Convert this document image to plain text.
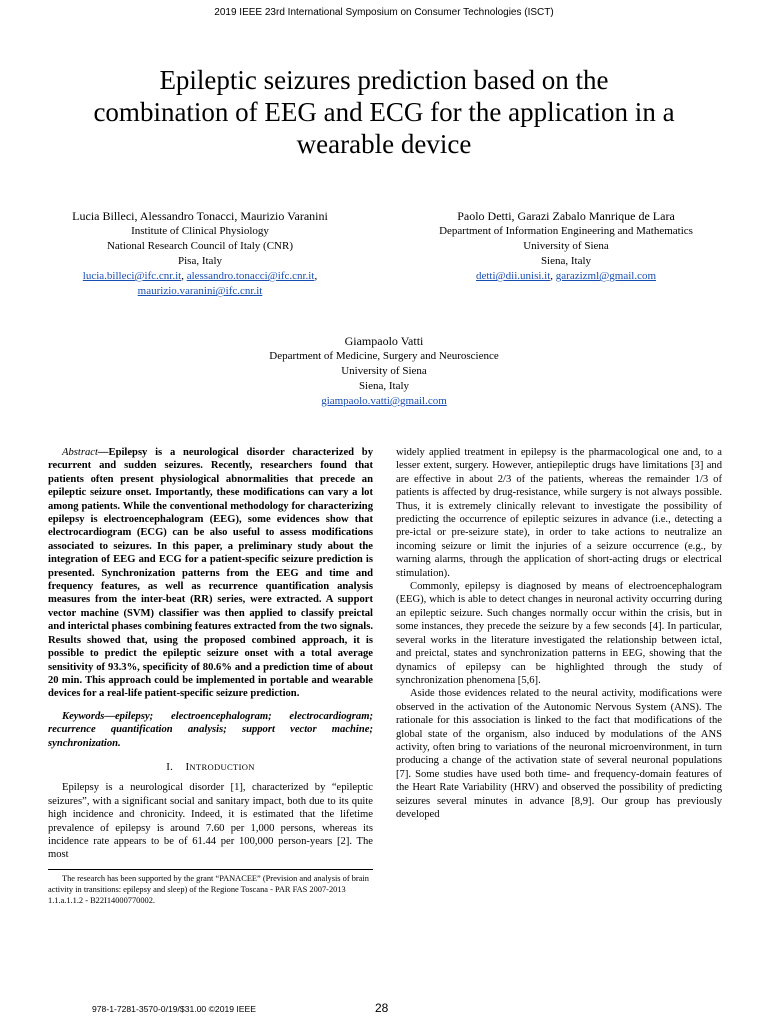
2019 IEEE 23rd International Symposium on Consumer Technologies (ISCT)
Epileptic seizures prediction based on the
combination of EEG and ECG for the application in a
wearable device
Lucia Billeci, Alessandro Tonacci, Maurizio Varanini
Institute of Clinical Physiology
National Research Council of Italy (CNR)
Pisa, Italy
lucia.billeci@ifc.cnr.it, alessandro.tonacci@ifc.cnr.it,
maurizio.varanini@ifc.cnr.it
Paolo Detti, Garazi Zabalo Manrique de Lara
Department of Information Engineering and Mathematics
University of Siena
Siena, Italy
detti@dii.unisi.it, garazizml@gmail.com
Giampaolo Vatti
Department of Medicine, Surgery and Neuroscience
University of Siena
Siena, Italy
giampaolo.vatti@gmail.com

Abstract—Epilepsy is a neurological disorder characterized by recurrent and sudden seizures. Recently, researchers found that patients often present physiological abnormalities that precede an epileptic seizure onset. Importantly, these modifications can vary a lot among patients. While the conventional methodology for characterizing epilepsy is electroencephalogram (EEG), some evidences show that electrocardiogram (ECG) can be also useful to assess modifications associated to seizures. In this paper, a preliminary study about the integration of EEG and ECG for a patient-specific seizure prediction is presented. Synchronization patterns from the EEG and time and frequency features, as well as recurrence quantification analysis measures from the inter-beat (RR) series, were extracted. A support vector machine (SVM) classifier was then applied to classify preictal and interictal phases combining features extracted from the two signals. Results showed that, using the proposed combined approach, it is possible to predict the epileptic seizure onset with a total average sensitivity of 93.3%, specificity of 80.6% and a prediction time of about 20 min. This approach could be implemented in portable and wearable devices for a real-life patient-specific seizure prediction.

Keywords—epilepsy; electroencephalogram; electrocardiogram; recurrence quantification analysis; support vector machine; synchronization.

I. INTRODUCTION

Epilepsy is a neurological disorder [1], characterized by “epileptic seizures”, with a significant social and sanitary impact, both due to its quite high incidence and chronicity. Indeed, it is estimated that the lifetime prevalence of epilepsy is around 7.60 per 1,000 persons, whereas its incidence rate appears to be of 61.44 per 100,000 person-years [2]. The most

widely applied treatment in epilepsy is the pharmacological one and, to a lesser extent, surgery. However, antiepileptic drugs have limitations [3] and are effective in about 2/3 of the patients, whereas the remainder 1/3 of patients is affected by drug-resistance, while surgery is not always possible. Thus, it is extremely clinically relevant to investigate the possibility of predicting the occurrence of epileptic seizures in advance (i.e., detecting a pre-ictal or pre-seizure state), in order to take actions to neutralize an incoming seizure or limit the injuries of a seizure occurrence (e.g., by warning alarms, through the application of short-acting drugs or electrical stimulation).

Commonly, epilepsy is diagnosed by means of electroencephalogram (EEG), which is able to detect changes in neuronal activity occurring during an epileptic seizure. Such changes normally occur within the crisis, but in some instances, they precede the seizure by a few seconds [4]. In particular, several works in the literature investigated the relationship between ictal, and preictal, states and synchronization patterns in EEG, showing that the dynamics of epilepsy can be highlighted through the study of synchronization phenomena [5,6].

Aside those evidences related to the neural activity, modifications were observed in the activation of the Autonomic Nervous System (ANS). The rationale for this association is linked to the fact that modifications of the global state of the organism, also induced by modulations of the ANS activity, often bring to variations of the neuronal microenvironment, in turn producing a change of the activation state of several neuronal populations [7]. Some studies have used both time- and frequency-domain features of the Heart Rate Variability (HRV) and observed the possibility of predicting seizures several minutes in advance [8,9]. Our group has previously developed

The research has been supported by the grant “PANACEE” (Prevision and analysis of brain activity in transitions: epilepsy and sleep) of the Regione Toscana - PAR FAS 2007-2013 1.1.a.1.1.2 - B22I14000770002.
978-1-7281-3570-0/19/$31.00 ©2019 IEEE	28
